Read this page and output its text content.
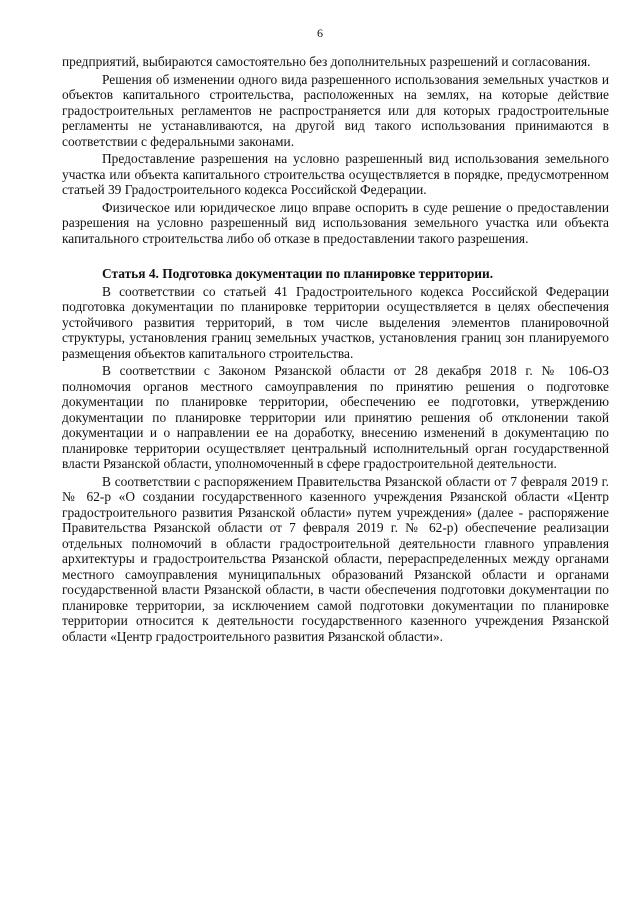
6

предприятий, выбираются самостоятельно без дополнительных разрешений и согласования.

Решения об изменении одного вида разрешенного использования земельных участков и объектов капитального строительства, расположенных на землях, на которые действие градостроительных регламентов не распространяется или для которых градостроительные регламенты не устанавливаются, на другой вид такого использования принимаются в соответствии с федеральными законами.

Предоставление разрешения на условно разрешенный вид использования земельного участка или объекта капитального строительства осуществляется в порядке, предусмотренном статьей 39 Градостроительного кодекса Российской Федерации.

Физическое или юридическое лицо вправе оспорить в суде решение о предоставлении разрешения на условно разрешенный вид использования земельного участка или объекта капитального строительства либо об отказе в предоставлении такого разрешения.

Статья 4. Подготовка документации по планировке территории.

В соответствии со статьей 41 Градостроительного кодекса Российской Федерации подготовка документации по планировке территории осуществляется в целях обеспечения устойчивого развития территорий, в том числе выделения элементов планировочной структуры, установления границ земельных участков, установления границ зон планируемого размещения объектов капитального строительства.

В соответствии с Законом Рязанской области от 28 декабря 2018 г. № 106-ОЗ полномочия органов местного самоуправления по принятию решения о подготовке документации по планировке территории, обеспечению ее подготовки, утверждению документации по планировке территории или принятию решения об отклонении такой документации и о направлении ее на доработку, внесению изменений в документацию по планировке территории осуществляет центральный исполнительный орган государственной власти Рязанской области, уполномоченный в сфере градостроительной деятельности.

В соответствии с распоряжением Правительства Рязанской области от 7 февраля 2019 г. № 62-р «О создании государственного казенного учреждения Рязанской области «Центр градостроительного развития Рязанской области» путем учреждения» (далее - распоряжение Правительства Рязанской области от 7 февраля 2019 г. № 62-р) обеспечение реализации отдельных полномочий в области градостроительной деятельности главного управления архитектуры и градостроительства Рязанской области, перераспределенных между органами местного самоуправления муниципальных образований Рязанской области и органами государственной власти Рязанской области, в части обеспечения подготовки документации по планировке территории, за исключением самой подготовки документации по планировке территории относится к деятельности государственного казенного учреждения Рязанской области «Центр градостроительного развития Рязанской области».
